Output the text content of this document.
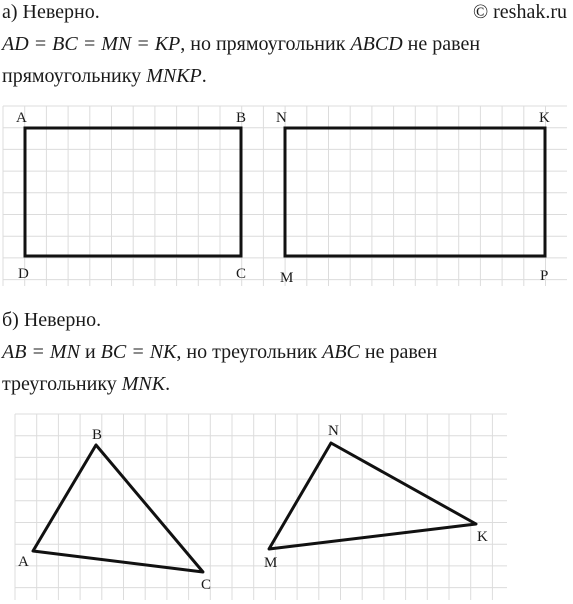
а) Неверно.	© reshak.ru
AD = BC = MN = KP, но прямоугольник ABCD не равен
прямоугольнику MNKP.
A	B
C
D
N	K
M	P
б) Неверно.
AB = MN и BC = NK, но треугольник ABC не равен
треугольнику MNK.
B
A
C
N
K
M
